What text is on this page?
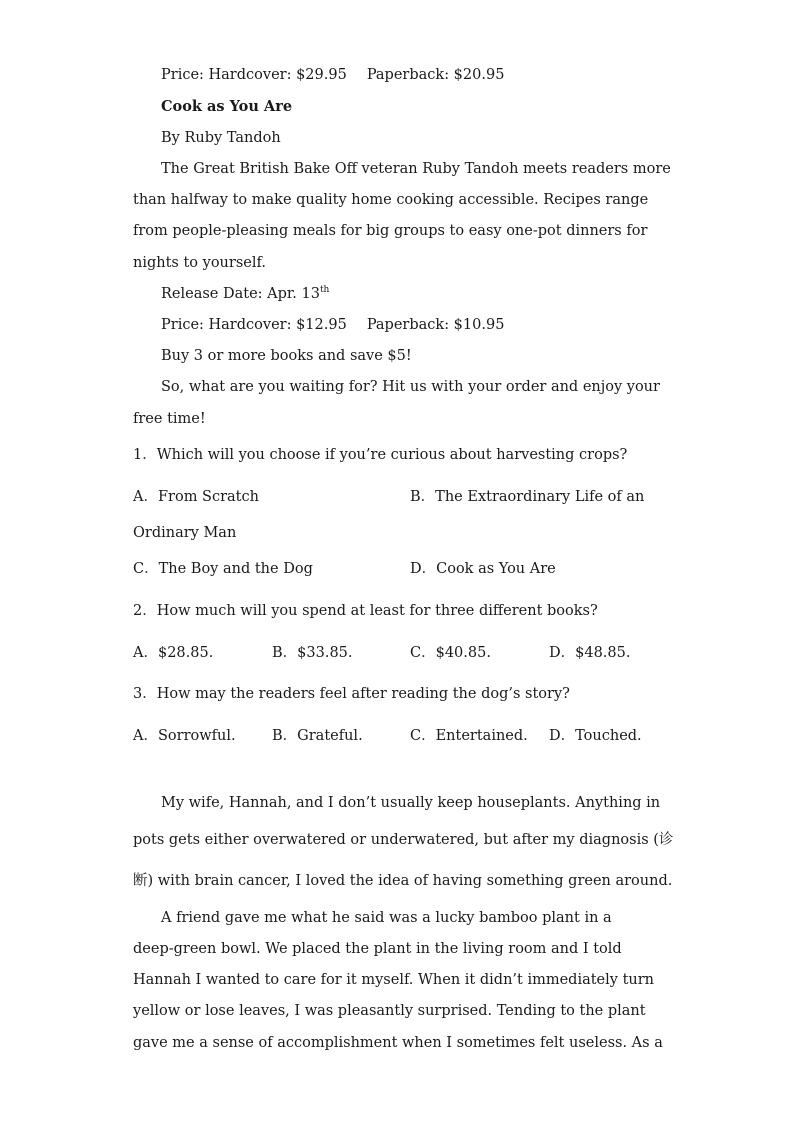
Price: Hardcover: $29.95 Paperback: $20.95
Cook as You Are
By Ruby Tandoh
The Great British Bake Off veteran Ruby Tandoh meets readers more
than halfway to make quality home cooking accessible. Recipes range
from people-pleasing meals for big groups to easy one-pot dinners for
nights to yourself.
Release Date: Apr. 13th
Price: Hardcover: $12.95 Paperback: $10.95
Buy 3 or more books and save $5!
So, what are you waiting for? Hit us with your order and enjoy your
free time!
1．Which will you choose if you’re curious about harvesting crops?
A．From Scratch	B．The Extraordinary Life of an
Ordinary Man
C．The Boy and the Dog	D．Cook as You Are
2．How much will you spend at least for three different books?
A．$28.85.	B．$33.85.	C．$40.85.	D．$48.85.
3．How may the readers feel after reading the dog’s story?
A．Sorrowful.	B．Grateful.	C．Entertained. D．Touched.
My wife, Hannah, and I don’t usually keep houseplants. Anything in
pots gets either overwatered or underwatered, but after my diagnosis (诊
断) with brain cancer, I loved the idea of having something green around.
A friend gave me what he said was a lucky bamboo plant in a
deep-green bowl. We placed the plant in the living room and I told
Hannah I wanted to care for it myself. When it didn’t immediately turn
yellow or lose leaves, I was pleasantly surprised. Tending to the plant
gave me a sense of accomplishment when I sometimes felt useless. As a
